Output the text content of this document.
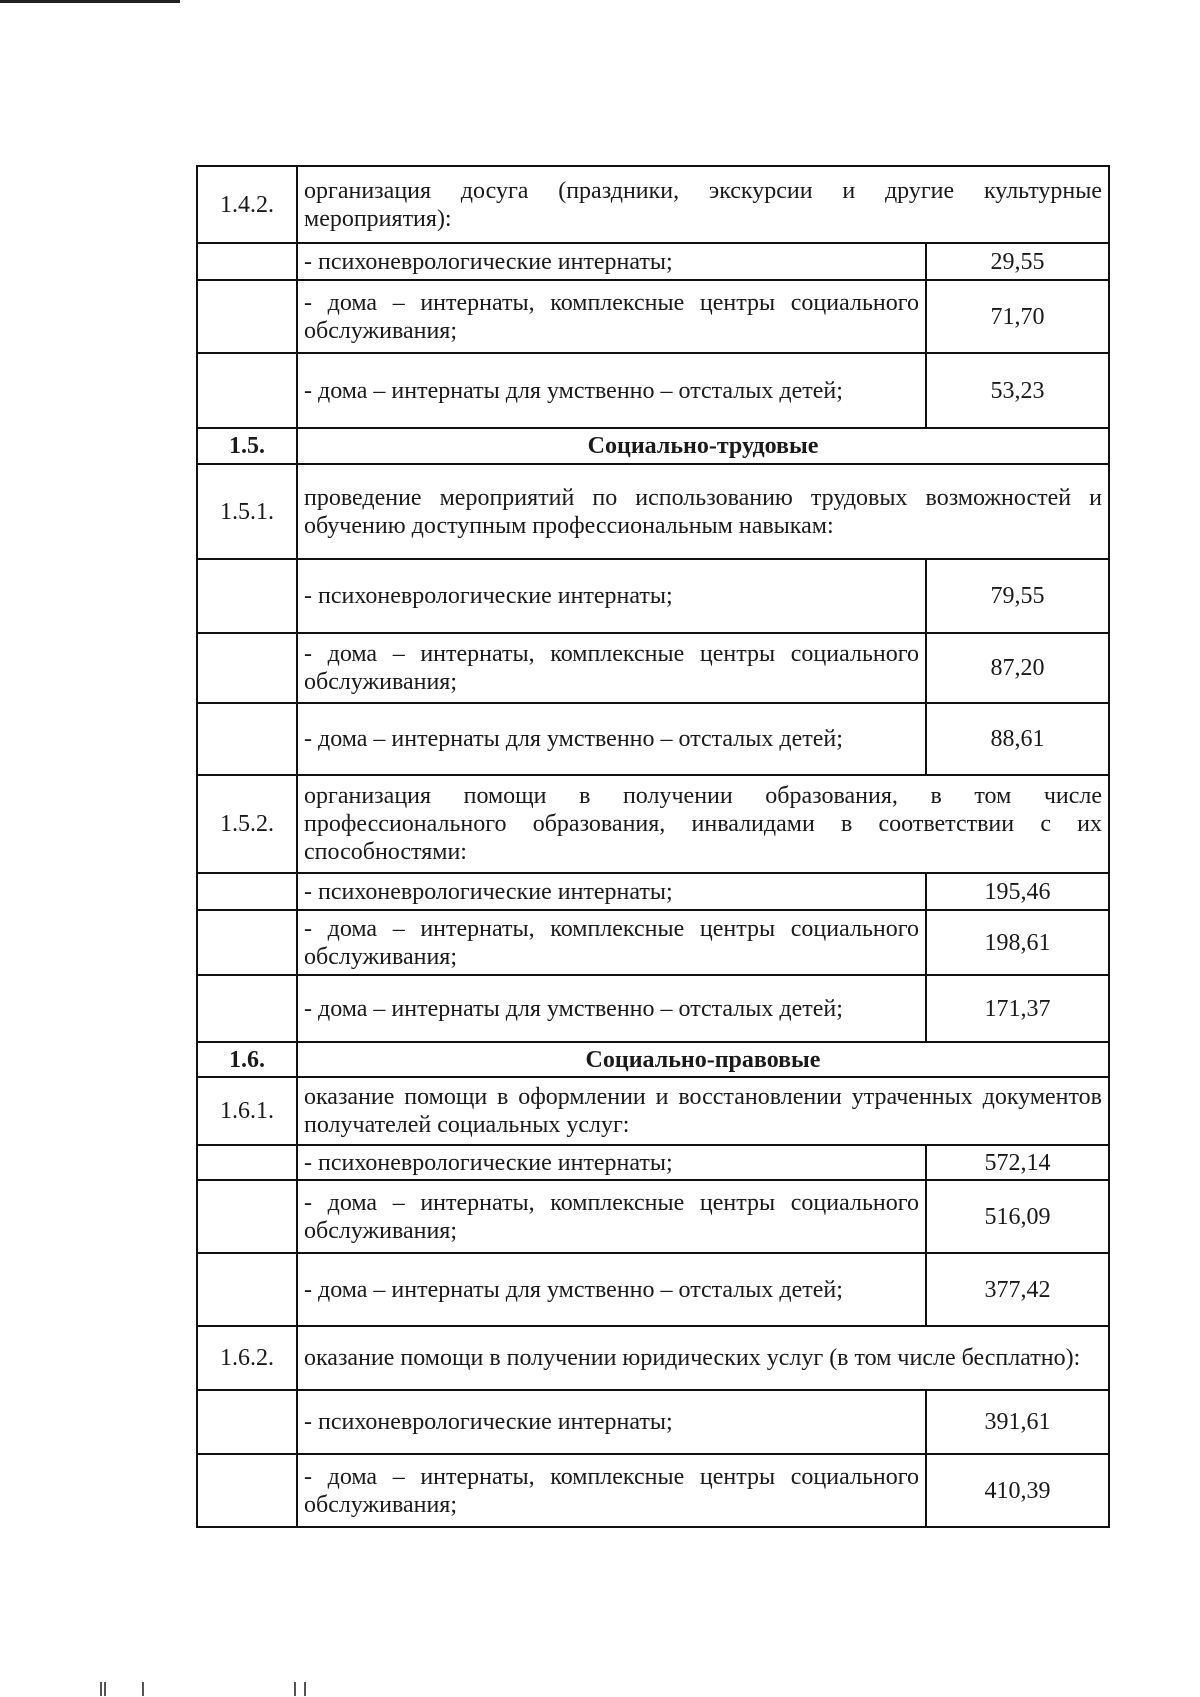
1.4.2.	организация досуга (праздники, экскурсии и другие культурные мероприятия):	
	- психоневрологические интернаты;	29,55
	- дома – интернаты, комплексные центры социального обслуживания;	71,70
	- дома – интернаты для умственно – отсталых детей;	53,23
1.5.	Социально-трудовые	
1.5.1.	проведение мероприятий по использованию трудовых возможностей и обучению доступным профессиональным навыкам:	
	- психоневрологические интернаты;	79,55
	- дома – интернаты, комплексные центры социального обслуживания;	87,20
	- дома – интернаты для умственно – отсталых детей;	88,61
1.5.2.	организация помощи в получении образования, в том числе профессионального образования, инвалидами в соответствии с их способностями:	
	- психоневрологические интернаты;	195,46
	- дома – интернаты, комплексные центры социального обслуживания;	198,61
	- дома – интернаты для умственно – отсталых детей;	171,37
1.6.	Социально-правовые	
1.6.1.	оказание помощи в оформлении и восстановлении утраченных документов получателей социальных услуг:	
	- психоневрологические интернаты;	572,14
	- дома – интернаты, комплексные центры социального обслуживания;	516,09
	- дома – интернаты для умственно – отсталых детей;	377,42
1.6.2.	оказание помощи в получении юридических услуг (в том числе бесплатно):	
	- психоневрологические интернаты;	391,61
	- дома – интернаты, комплексные центры социального обслуживания;	410,39
